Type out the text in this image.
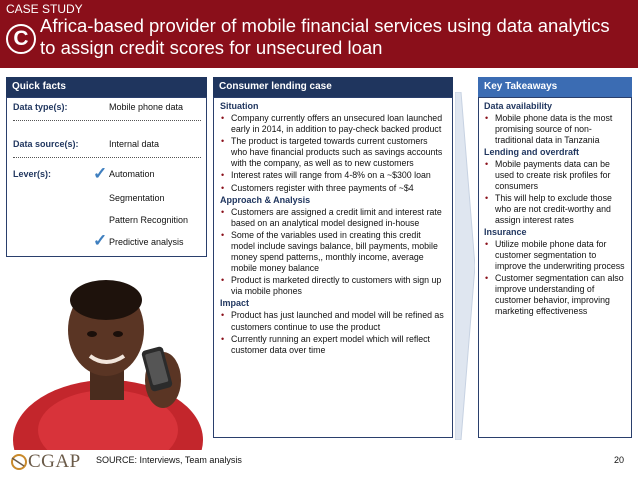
CASE STUDY
C
Africa-based provider of mobile financial services using data analytics to assign credit scores for unsecured loan
Quick facts
Data type(s):	Mobile phone data
Data source(s):	Internal data
Lever(s): ✓ Automation
Segmentation
Pattern Recognition
✓ Predictive analysis
Consumer lending case
Situation
• Company currently offers an unsecured loan launched early in 2014, in addition to pay-check backed product
• The product is targeted towards current customers who have financial products such as savings accounts with the company, as well as to new customers
• Interest rates will range from 4-8% on a ~$300 loan
• Customers register with three payments of ~$4
Approach & Analysis
• Customers are assigned a credit limit and interest rate based on an analytical model designed in-house
• Some of the variables used in creating this credit model include savings balance, bill payments, mobile money spend patterns,, monthly income, average mobile money balance
• Product is marketed directly to customers with sign up via mobile phones
Impact
• Product has just launched and model will be refined as customers continue to use the product
• Currently running an expert model which will reflect customer data over time
Key Takeaways
Data availability
• Mobile phone data is the most promising source of non-traditional data in Tanzania
Lending and overdraft
• Mobile payments data can be used to create risk profiles for consumers
• This will help to exclude those who are not credit-worthy and assign interest rates
Insurance
• Utilize mobile phone data for customer segmentation to improve the underwriting process
• Customer segmentation can also improve understanding of customer behavior, improving marketing effectiveness
CGAP SOURCE: Interviews, Team analysis	20
